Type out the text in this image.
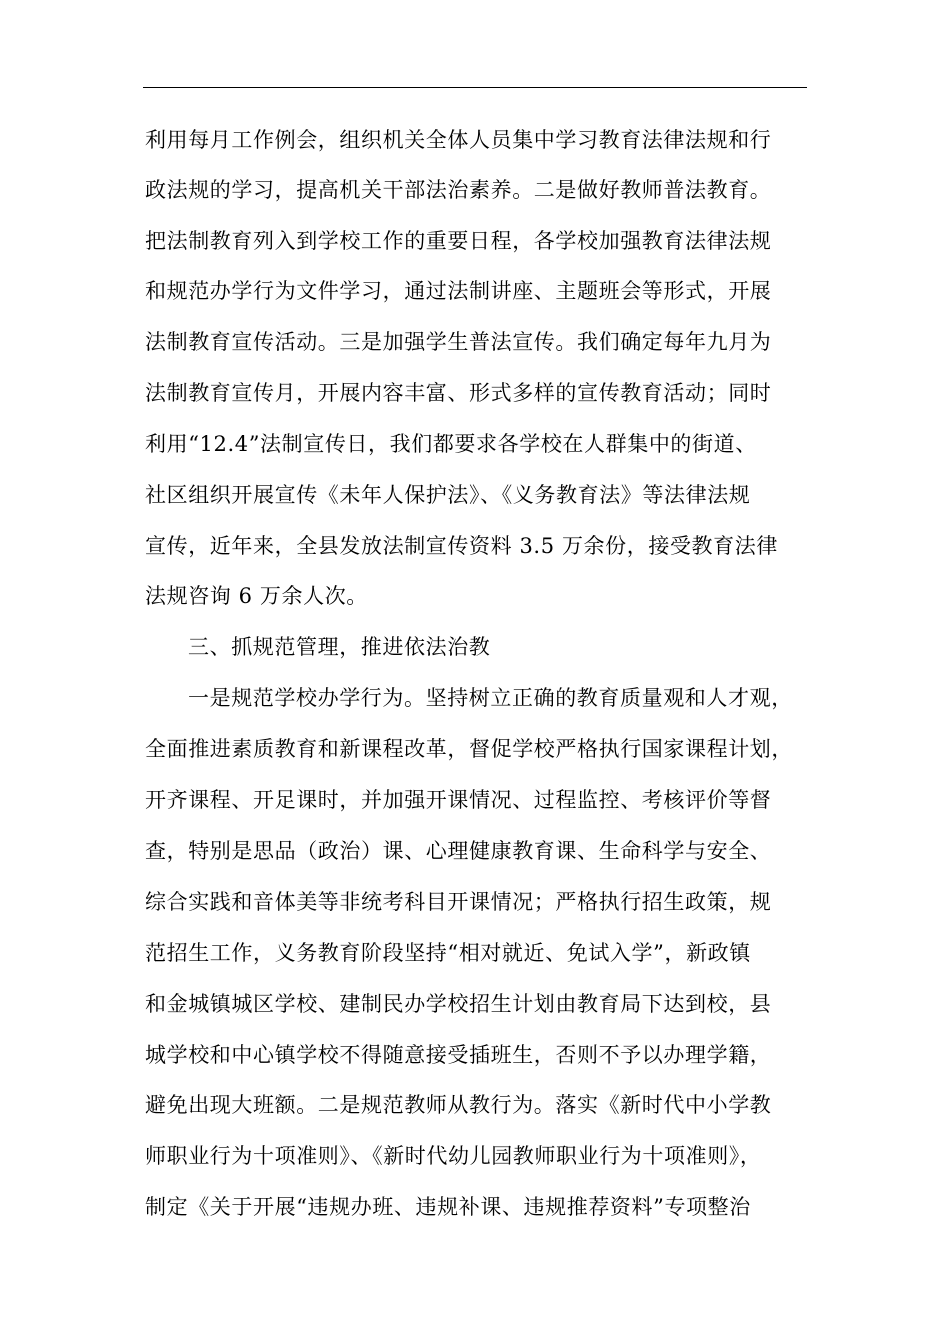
利用每月工作例会，组织机关全体人员集中学习教育法律法规和行
政法规的学习，提高机关干部法治素养。二是做好教师普法教育。
把法制教育列入到学校工作的重要日程，各学校加强教育法律法规
和规范办学行为文件学习，通过法制讲座、主题班会等形式，开展
法制教育宣传活动。三是加强学生普法宣传。我们确定每年九月为
法制教育宣传月，开展内容丰富、形式多样的宣传教育活动；同时
利用“12.4”法制宣传日，我们都要求各学校在人群集中的街道、
社区组织开展宣传《未年人保护法》、《义务教育法》等法律法规
宣传，近年来，全县发放法制宣传资料 3.5 万余份，接受教育法律
法规咨询 6 万余人次。
三、抓规范管理，推进依法治教
一是规范学校办学行为。坚持树立正确的教育质量观和人才观，
全面推进素质教育和新课程改革，督促学校严格执行国家课程计划，
开齐课程、开足课时，并加强开课情况、过程监控、考核评价等督
查，特别是思品（政治）课、心理健康教育课、生命科学与安全、
综合实践和音体美等非统考科目开课情况；严格执行招生政策，规
范招生工作，义务教育阶段坚持“相对就近、免试入学”，新政镇
和金城镇城区学校、建制民办学校招生计划由教育局下达到校，县
城学校和中心镇学校不得随意接受插班生，否则不予以办理学籍，
避免出现大班额。二是规范教师从教行为。落实《新时代中小学教
师职业行为十项准则》、《新时代幼儿园教师职业行为十项准则》，
制定《关于开展“违规办班、违规补课、违规推荐资料”专项整治
